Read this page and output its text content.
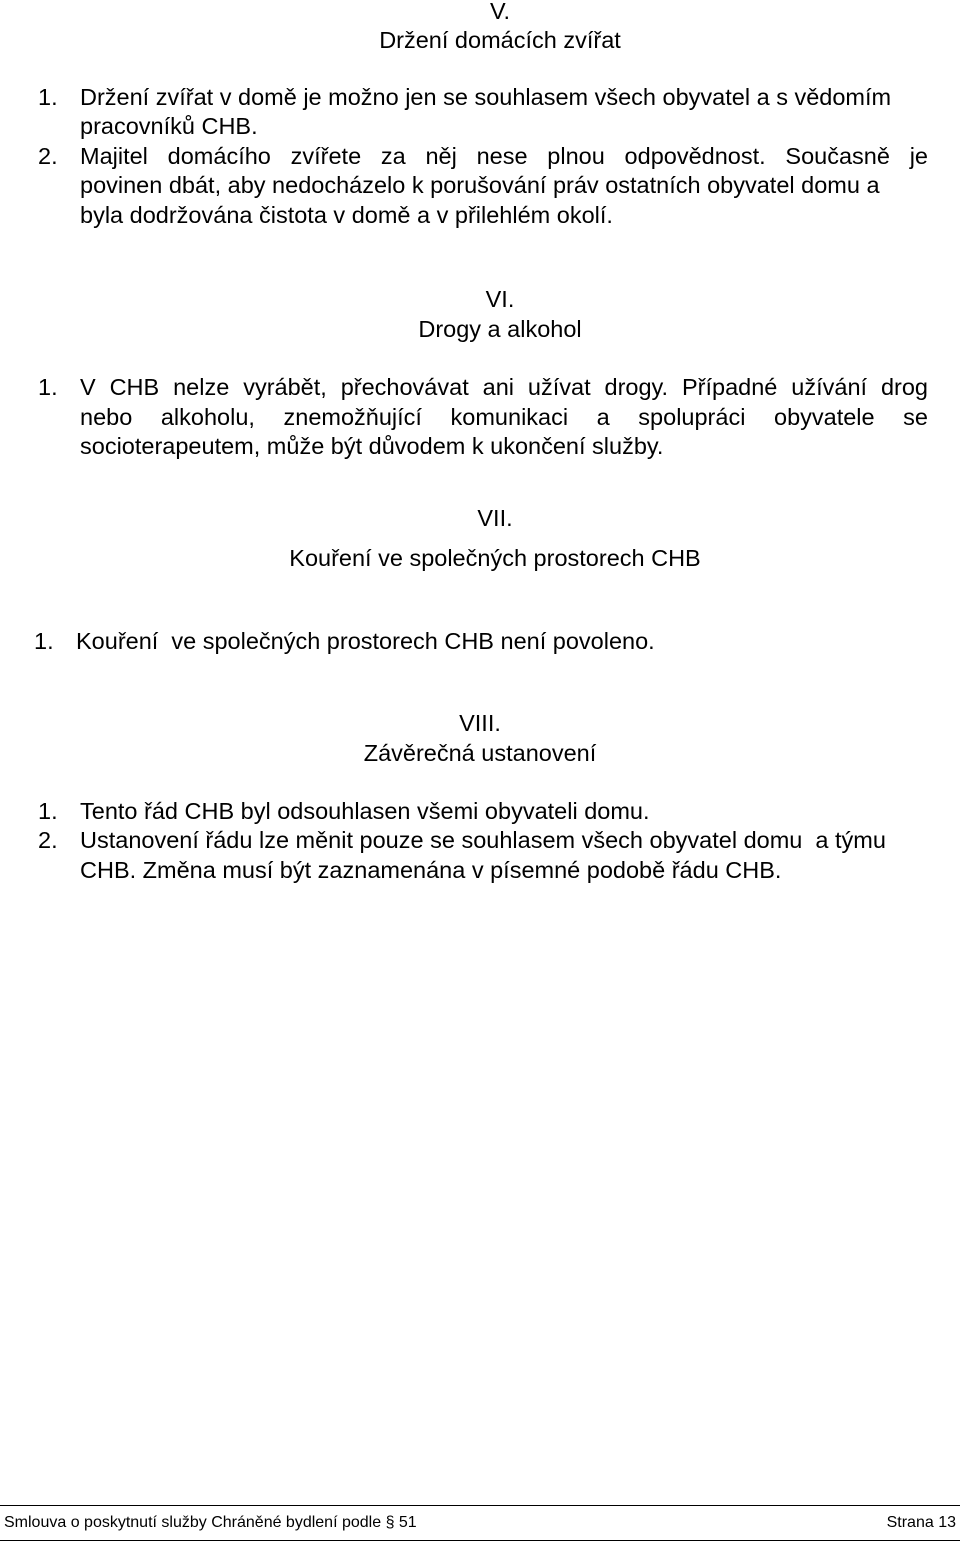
V.
Držení domácích zvířat
1. Držení zvířat v domě je možno jen se souhlasem všech obyvatel a s vědomím
pracovníků CHB.
2. Majitel domácího zvířete za něj nese plnou odpovědnost. Současně je
povinen dbát, aby nedocházelo k porušování práv ostatních obyvatel domu a
byla dodržována čistota v domě a v přilehlém okolí.
VI.
Drogy a alkohol
1. V CHB nelze vyrábět, přechovávat ani užívat drogy. Případné užívání drog
nebo alkoholu, znemožňující komunikaci a spolupráci obyvatele se
socioterapeutem, může být důvodem k ukončení služby.
VII.
Kouření ve společných prostorech CHB
1. Kouření  ve společných prostorech CHB není povoleno.
VIII.
Závěrečná ustanovení
1. Tento řád CHB byl odsouhlasen všemi obyvateli domu.
2. Ustanovení řádu lze měnit pouze se souhlasem všech obyvatel domu  a týmu
CHB. Změna musí být zaznamenána v písemné podobě řádu CHB.
Smlouva o poskytnutí služby Chráněné bydlení podle § 51	Strana 13
